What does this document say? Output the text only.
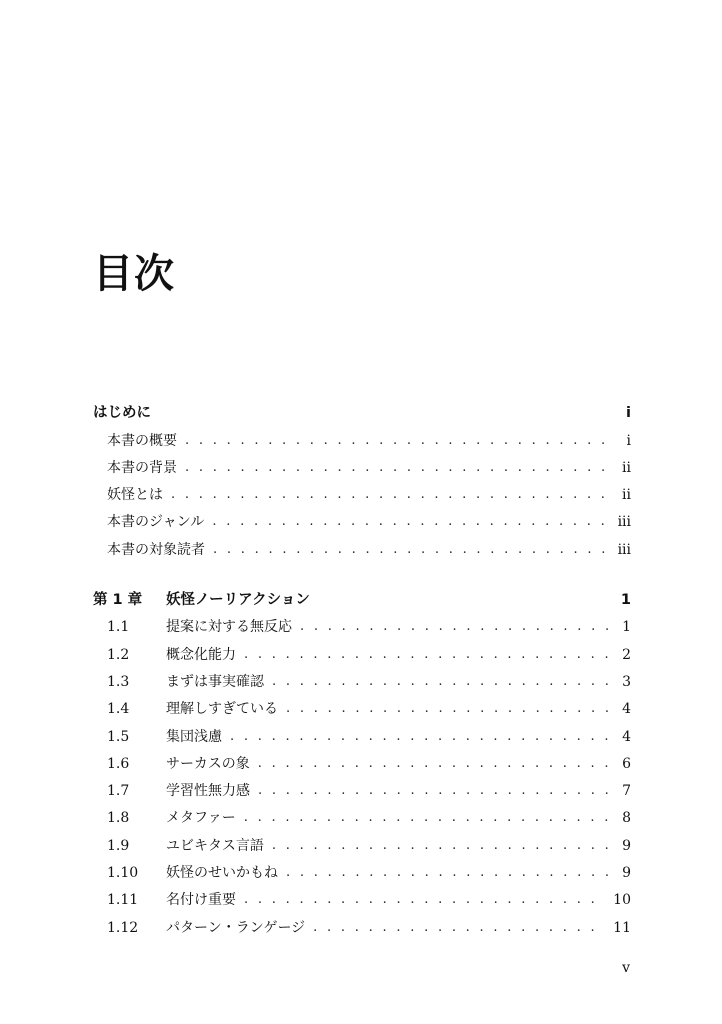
目次
はじめに	i
本書の概要 . . .	i
本書の背景 . . .	ii
妖怪とは . . .	ii
本書のジャンル . . .	iii
本書の対象読者 . . .	iii
第 1 章	妖怪ノーリアクション	1
1.1	提案に対する無反応 . . .	1
1.2	概念化能力 . . .	2
1.3	まずは事実確認 . . .	3
1.4	理解しすぎている . . .	4
1.5	集団浅慮 . . .	4
1.6	サーカスの象 . . .	6
1.7	学習性無力感 . . .	7
1.8	メタファー . . .	8
1.9	ユビキタス言語 . . .	9
1.10	妖怪のせいかもね . . .	9
1.11	名付け重要 . . .	10
1.12	パターン・ランゲージ . . .	11
v
